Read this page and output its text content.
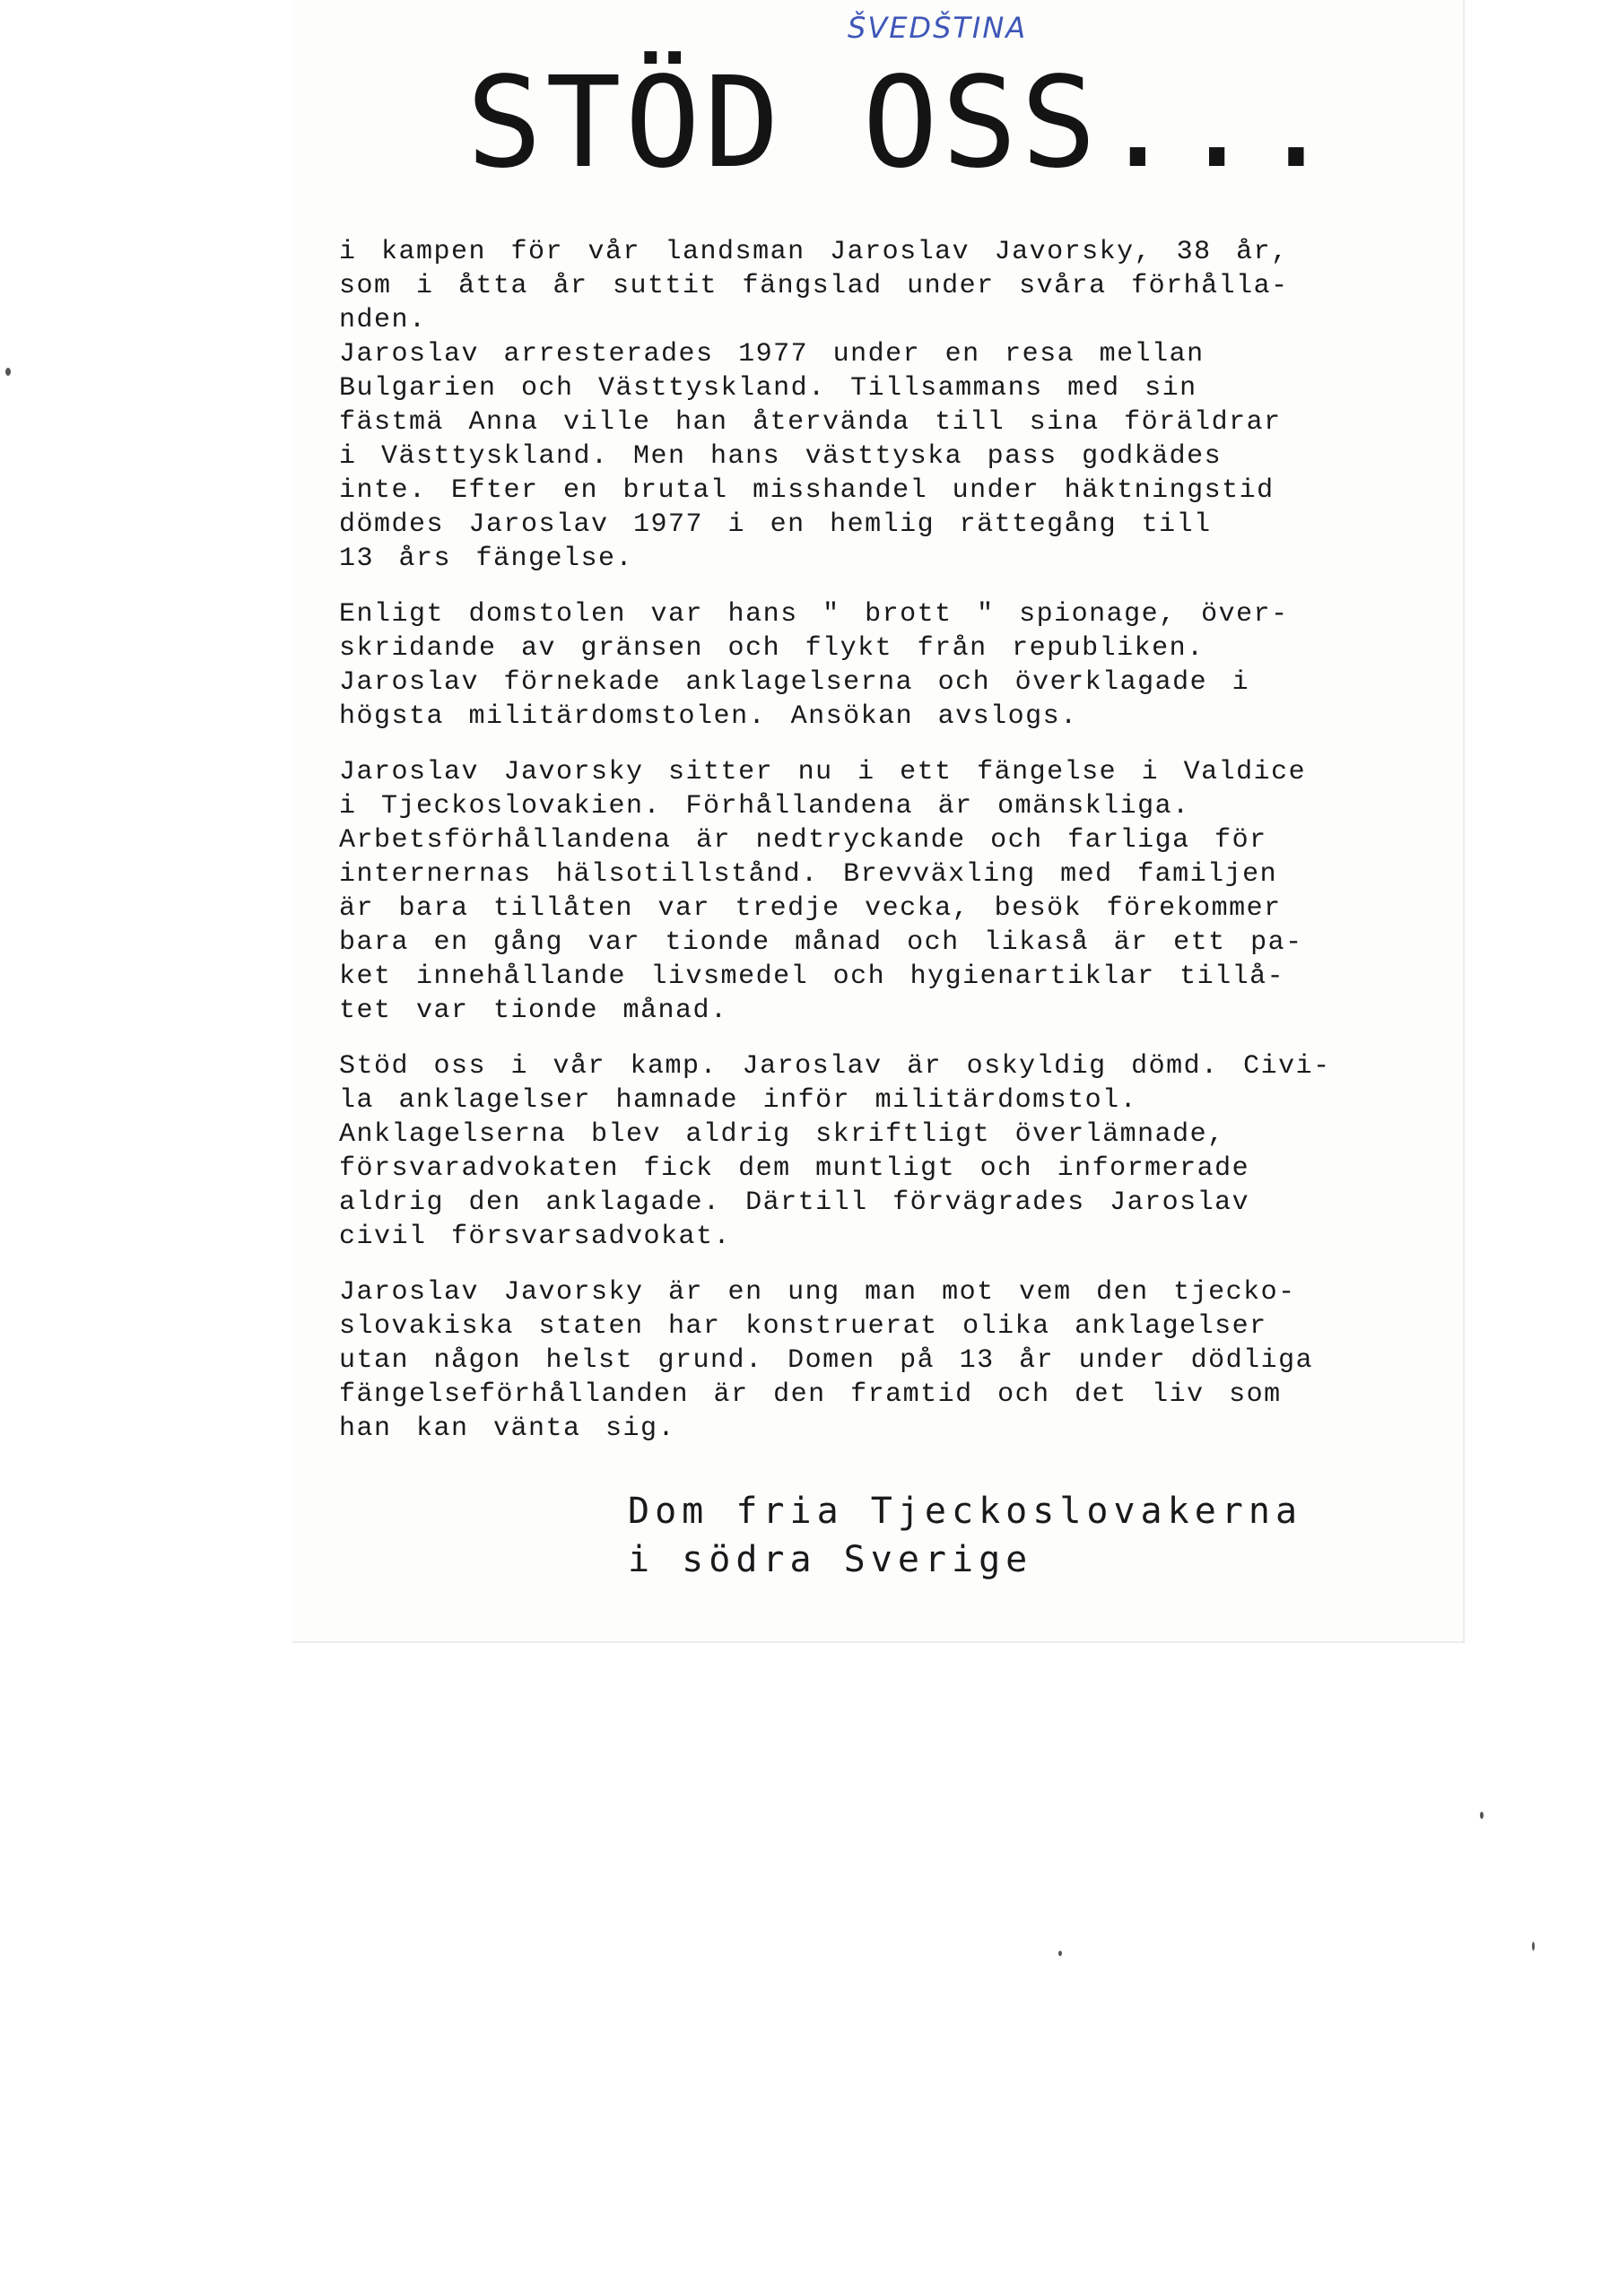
ŠVEDŠTINA
STÖD OSS...

i kampen för vår landsman Jaroslav Javorsky, 38 år,
som i åtta år suttit fängslad under svåra förhålla-
nden.
Jaroslav arresterades 1977 under en resa mellan
Bulgarien och Västtyskland. Tillsammans med sin
fästmä Anna ville han återvända till sina föräldrar
i Västtyskland. Men hans västtyska pass godkädes
inte. Efter en brutal misshandel under häktningstid
dömdes Jaroslav 1977 i en hemlig rättegång till
13 års fängelse.

Enligt domstolen var hans " brott " spionage, över-
skridande av gränsen och flykt från republiken.
Jaroslav förnekade anklagelserna och överklagade i
högsta militärdomstolen. Ansökan avslogs.

Jaroslav Javorsky sitter nu i ett fängelse i Valdice
i Tjeckoslovakien. Förhållandena är omänskliga.
Arbetsförhållandena är nedtryckande och farliga för
internernas hälsotillstånd. Brevväxling med familjen
är bara tillåten var tredje vecka, besök förekommer
bara en gång var tionde månad och likaså är ett pa-
ket innehållande livsmedel och hygienartiklar tillå-
tet var tionde månad.

Stöd oss i vår kamp. Jaroslav är oskyldig dömd. Civi-
la anklagelser hamnade inför militärdomstol.
Anklagelserna blev aldrig skriftligt överlämnade,
försvaradvokaten fick dem muntligt och informerade
aldrig den anklagade. Därtill förvägrades Jaroslav
civil försvarsadvokat.

Jaroslav Javorsky är en ung man mot vem den tjecko-
slovakiska staten har konstruerat olika anklagelser
utan någon helst grund. Domen på 13 år under dödliga
fängelseförhållanden är den framtid och det liv som
han kan vänta sig.

Dom fria Tjeckoslovakerna
i södra Sverige
